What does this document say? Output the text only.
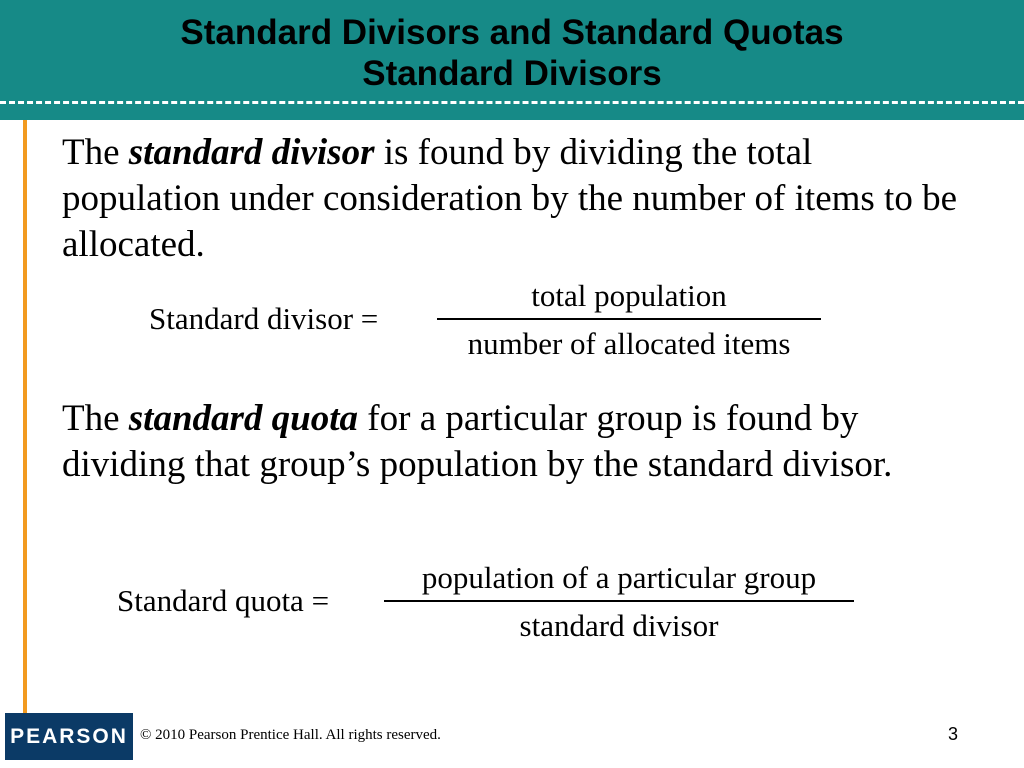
Standard Divisors and Standard Quotas
Standard Divisors
The standard divisor is found by dividing the total population under consideration by the number of items to be allocated.
Standard divisor =
total population
number of allocated items
The standard quota for a particular group is found by dividing that group’s population by the standard divisor.
Standard quota =
population of a particular group
standard divisor
PEARSON © 2010 Pearson Prentice Hall. All rights reserved.	3
